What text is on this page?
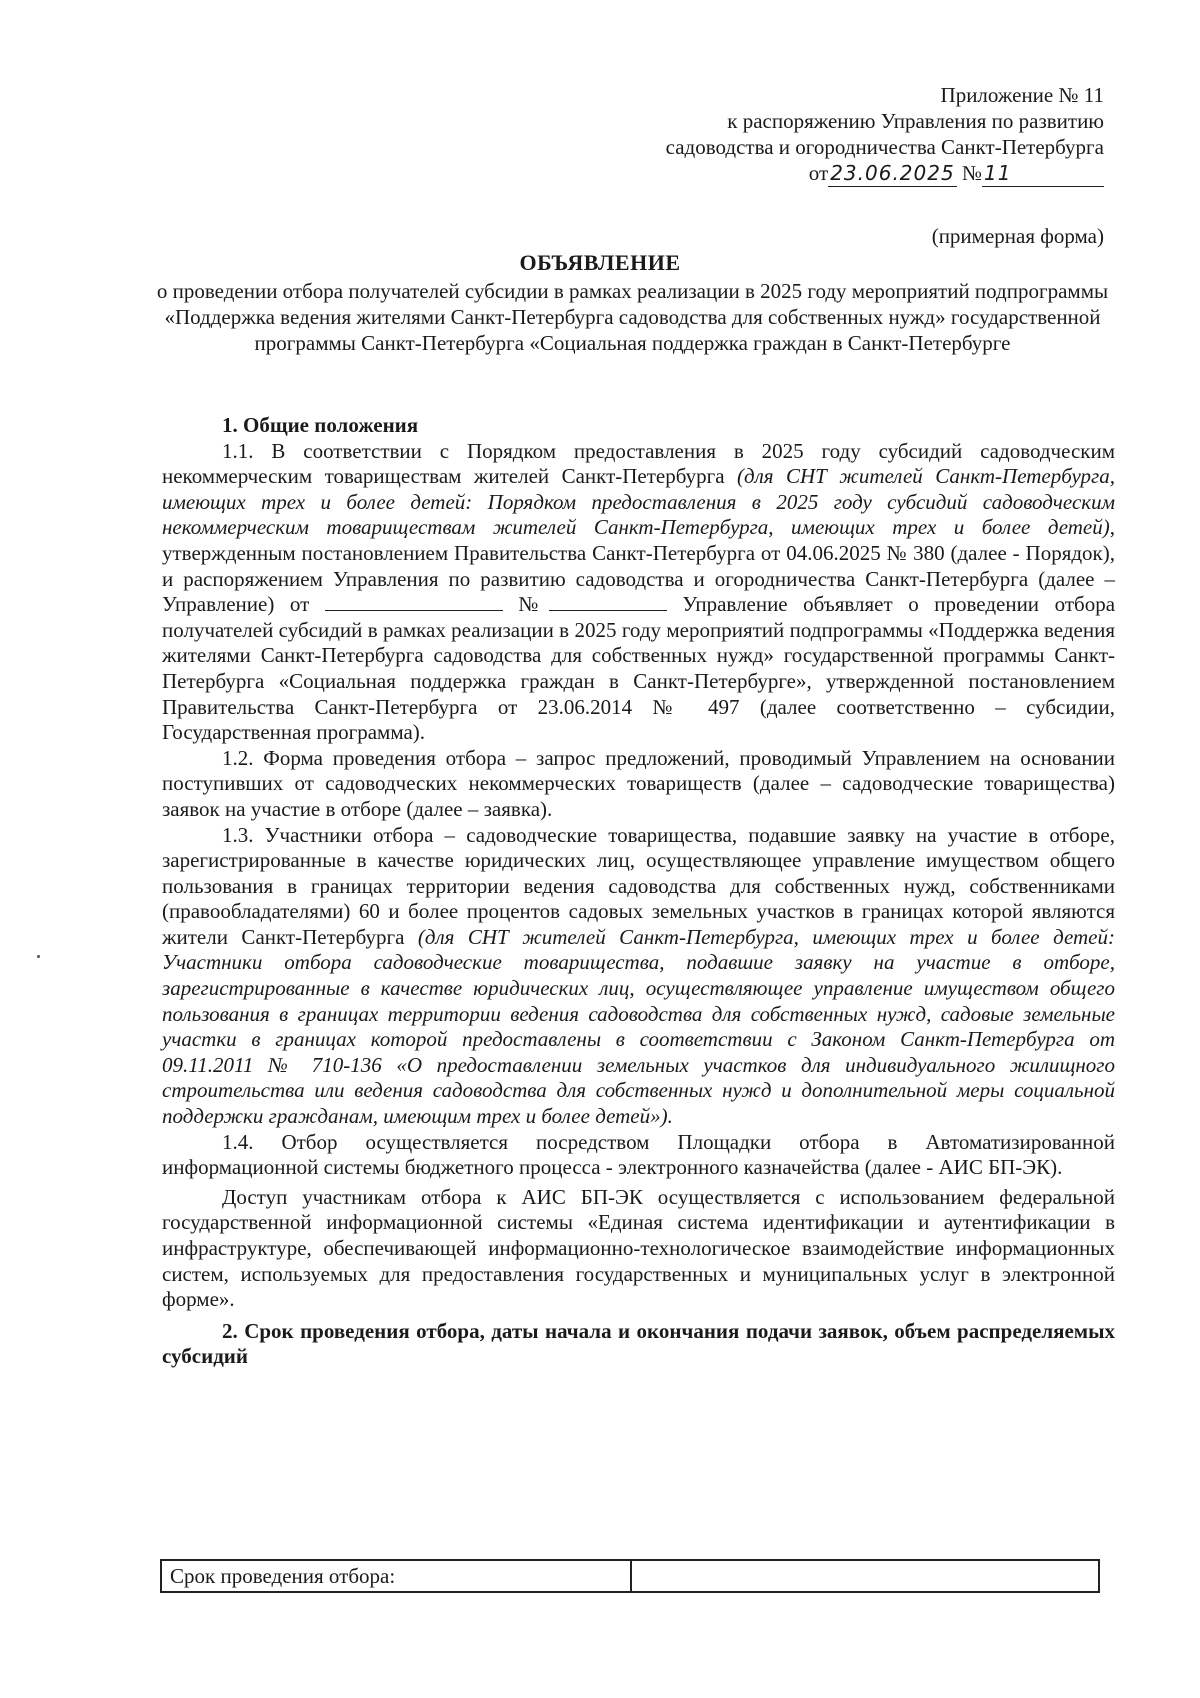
Приложение № 11
к распоряжению Управления по развитию
садоводства и огородничества Санкт-Петербурга
от 23.06.2025 № 11
(примерная форма)
ОБЪЯВЛЕНИЕ
о проведении отбора получателей субсидии в рамках реализации в 2025 году мероприятий подпрограммы «Поддержка ведения жителями Санкт-Петербурга садоводства для собственных нужд» государственной программы Санкт-Петербурга «Социальная поддержка граждан в Санкт-Петербурге

1. Общие положения

1.1. В соответствии с Порядком предоставления в 2025 году субсидий садоводческим некоммерческим товариществам жителей Санкт-Петербурга (для СНТ жителей Санкт-Петербурга, имеющих трех и более детей: Порядком предоставления в 2025 году субсидий садоводческим некоммерческим товариществам жителей Санкт-Петербурга, имеющих трех и более детей), утвержденным постановлением Правительства Санкт-Петербурга от 04.06.2025 № 380 (далее - Порядок), и распоряжением Управления по развитию садоводства и огородничества Санкт-Петербурга (далее – Управление) от	№	Управление объявляет о проведении отбора получателей субсидий в рамках реализации в 2025 году мероприятий подпрограммы «Поддержка ведения жителями Санкт-Петербурга садоводства для собственных нужд» государственной программы Санкт-Петербурга «Социальная поддержка граждан в Санкт-Петербурге», утвержденной постановлением Правительства Санкт-Петербурга от 23.06.2014 № 497 (далее соответственно – субсидии, Государственная программа).

1.2. Форма проведения отбора – запрос предложений, проводимый Управлением на основании поступивших от садоводческих некоммерческих товариществ (далее – садоводческие товарищества) заявок на участие в отборе (далее – заявка).

1.3. Участники отбора – садоводческие товарищества, подавшие заявку на участие в отборе, зарегистрированные в качестве юридических лиц, осуществляющее управление имуществом общего пользования в границах территории ведения садоводства для собственных нужд, собственниками (правообладателями) 60 и более процентов садовых земельных участков в границах которой являются жители Санкт-Петербурга (для СНТ жителей Санкт-Петербурга, имеющих трех и более детей: Участники отбора садоводческие товарищества, подавшие заявку на участие в отборе, зарегистрированные в качестве юридических лиц, осуществляющее управление имуществом общего пользования в границах территории ведения садоводства для собственных нужд, садовые земельные участки в границах которой предоставлены в соответствии с Законом Санкт-Петербурга от 09.11.2011 № 710-136 «О предоставлении земельных участков для индивидуального жилищного строительства или ведения садоводства для собственных нужд и дополнительной меры социальной поддержки гражданам, имеющим трех и более детей»).

1.4. Отбор осуществляется посредством Площадки отбора в Автоматизированной информационной системы бюджетного процесса - электронного казначейства (далее - АИС БП-ЭК).

Доступ участникам отбора к АИС БП-ЭК осуществляется с использованием федеральной государственной информационной системы «Единая система идентификации и аутентификации в инфраструктуре, обеспечивающей информационно-технологическое взаимодействие информационных систем, используемых для предоставления государственных и муниципальных услуг в электронной форме».

2. Срок проведения отбора, даты начала и окончания подачи заявок, объем распределяемых субсидий

Срок проведения отбора:	
